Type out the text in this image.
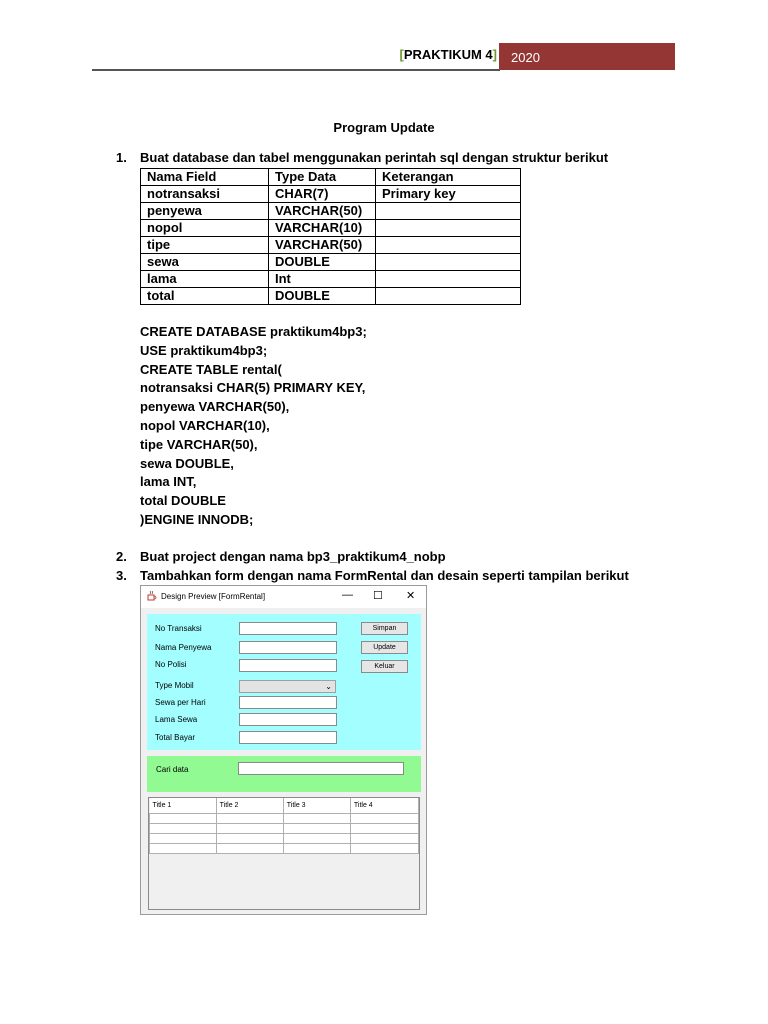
[PRAKTIKUM 4]	2020
Program Update
1. Buat database dan tabel menggunakan perintah sql dengan struktur berikut
Nama Field	Type Data	Keterangan
notransaksi	CHAR(7)	Primary key
penyewa	VARCHAR(50)	
nopol	VARCHAR(10)	
tipe	VARCHAR(50)	
sewa	DOUBLE	
lama	Int	
total	DOUBLE	
CREATE DATABASE praktikum4bp3;
USE praktikum4bp3;
CREATE TABLE rental(
notransaksi CHAR(5) PRIMARY KEY,
penyewa VARCHAR(50),
nopol VARCHAR(10),
tipe VARCHAR(50),
sewa DOUBLE,
lama INT,
total DOUBLE
)ENGINE INNODB;
2. Buat project dengan nama bp3_praktikum4_nobp
3. Tambahkan form dengan nama FormRental dan desain seperti tampilan berikut
Design Preview [FormRental]	— ☐ ✕
No Transaksi
Nama Penyewa
No Polisi
Type Mobil
Sewa per Hari
Lama Sewa
Total Bayar
⌄
Simpan
Update
Keluar
Cari data
Title 1	Title 2	Title 3	Title 4
